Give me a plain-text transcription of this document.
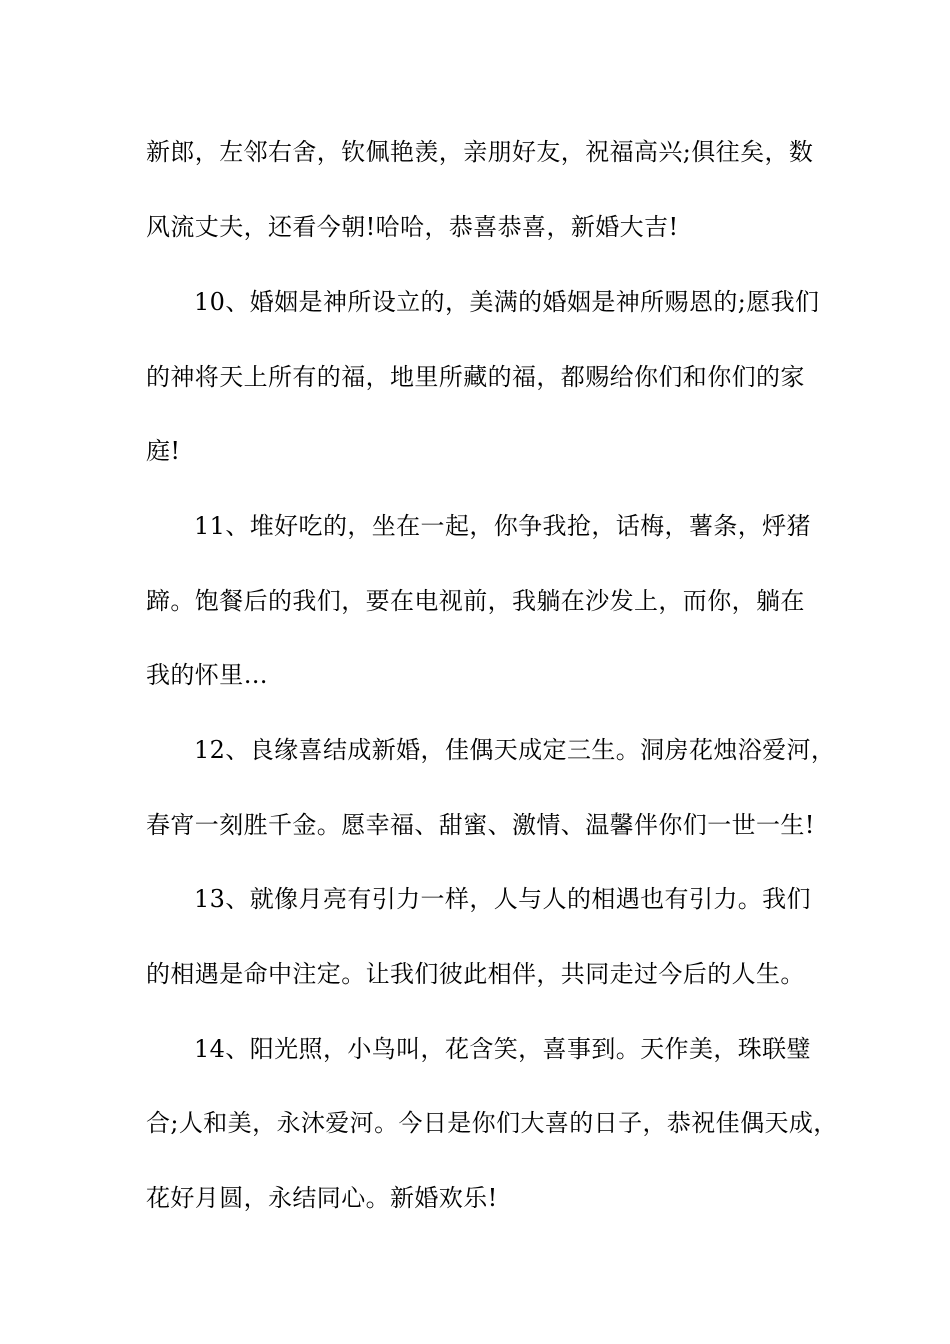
新郎，左邻右舍，钦佩艳羡，亲朋好友，祝福高兴;俱往矣，数
风流丈夫，还看今朝!哈哈，恭喜恭喜，新婚大吉!
10、婚姻是神所设立的，美满的婚姻是神所赐恩的;愿我们
的神将天上所有的福，地里所藏的福，都赐给你们和你们的家
庭!
11、堆好吃的，坐在一起，你争我抢，话梅，薯条，烀猪
蹄。饱餐后的我们，要在电视前，我躺在沙发上，而你，躺在
我的怀里…
12、良缘喜结成新婚，佳偶天成定三生。洞房花烛浴爱河，
春宵一刻胜千金。愿幸福、甜蜜、激情、温馨伴你们一世一生!
13、就像月亮有引力一样，人与人的相遇也有引力。我们
的相遇是命中注定。让我们彼此相伴，共同走过今后的人生。
14、阳光照，小鸟叫，花含笑，喜事到。天作美，珠联璧
合;人和美，永沐爱河。今日是你们大喜的日子，恭祝佳偶天成，
花好月圆，永结同心。新婚欢乐!
